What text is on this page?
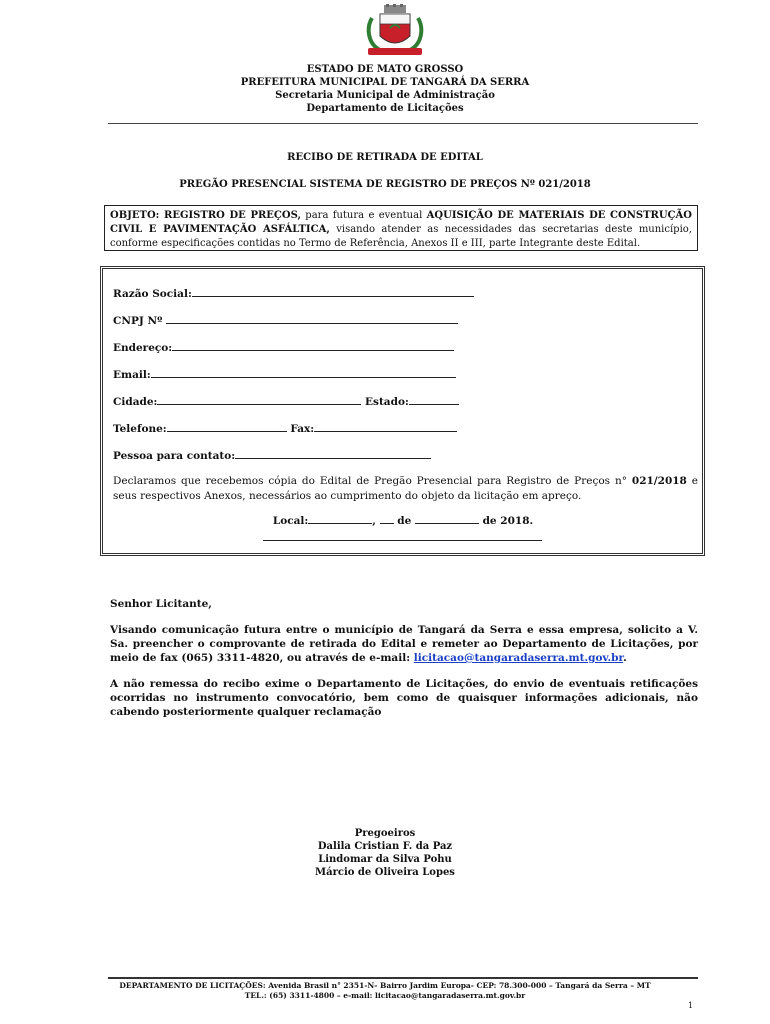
ESTADO DE MATO GROSSO
PREFEITURA MUNICIPAL DE TANGARÁ DA SERRA
Secretaria Municipal de Administração
Departamento de Licitações
RECIBO DE RETIRADA DE EDITAL
PREGÃO PRESENCIAL SISTEMA DE REGISTRO DE PREÇOS Nº 021/2018
OBJETO: REGISTRO DE PREÇOS, para futura e eventual AQUISIÇÃO DE MATERIAIS DE CONSTRUÇÃO CIVIL E PAVIMENTAÇÃO ASFÁLTICA, visando atender as necessidades das secretarias deste município, conforme especificações contidas no Termo de Referência, Anexos II e III, parte Integrante deste Edital.
Razão Social:
CNPJ Nº
Endereço:
Email:
Cidade:	Estado:
Telefone:	Fax:
Pessoa para contato:
Declaramos que recebemos cópia do Edital de Pregão Presencial para Registro de Preços n° 021/2018 e seus respectivos Anexos, necessários ao cumprimento do objeto da licitação em apreço.
Local:	,  de	de 2018.
Senhor Licitante,
Visando comunicação futura entre o município de Tangará da Serra e essa empresa, solicito a V. Sa. preencher o comprovante de retirada do Edital e remeter ao Departamento de Licitações, por meio de fax (065) 3311-4820, ou através de e-mail: licitacao@tangaradaserra.mt.gov.br.
A não remessa do recibo exime o Departamento de Licitações, do envio de eventuais retificações ocorridas no instrumento convocatório, bem como de quaisquer informações adicionais, não cabendo posteriormente qualquer reclamação
Pregoeiros
Dalila Cristian F. da Paz
Lindomar da Silva Pohu
Márcio de Oliveira Lopes
DEPARTAMENTO DE LICITAÇÕES: Avenida Brasil n° 2351-N- Bairro Jardim Europa- CEP: 78.300-000 – Tangará da Serra – MT
TEL.: (65) 3311-4800 – e-mail: licitacao@tangaradaserra.mt.gov.br
1
